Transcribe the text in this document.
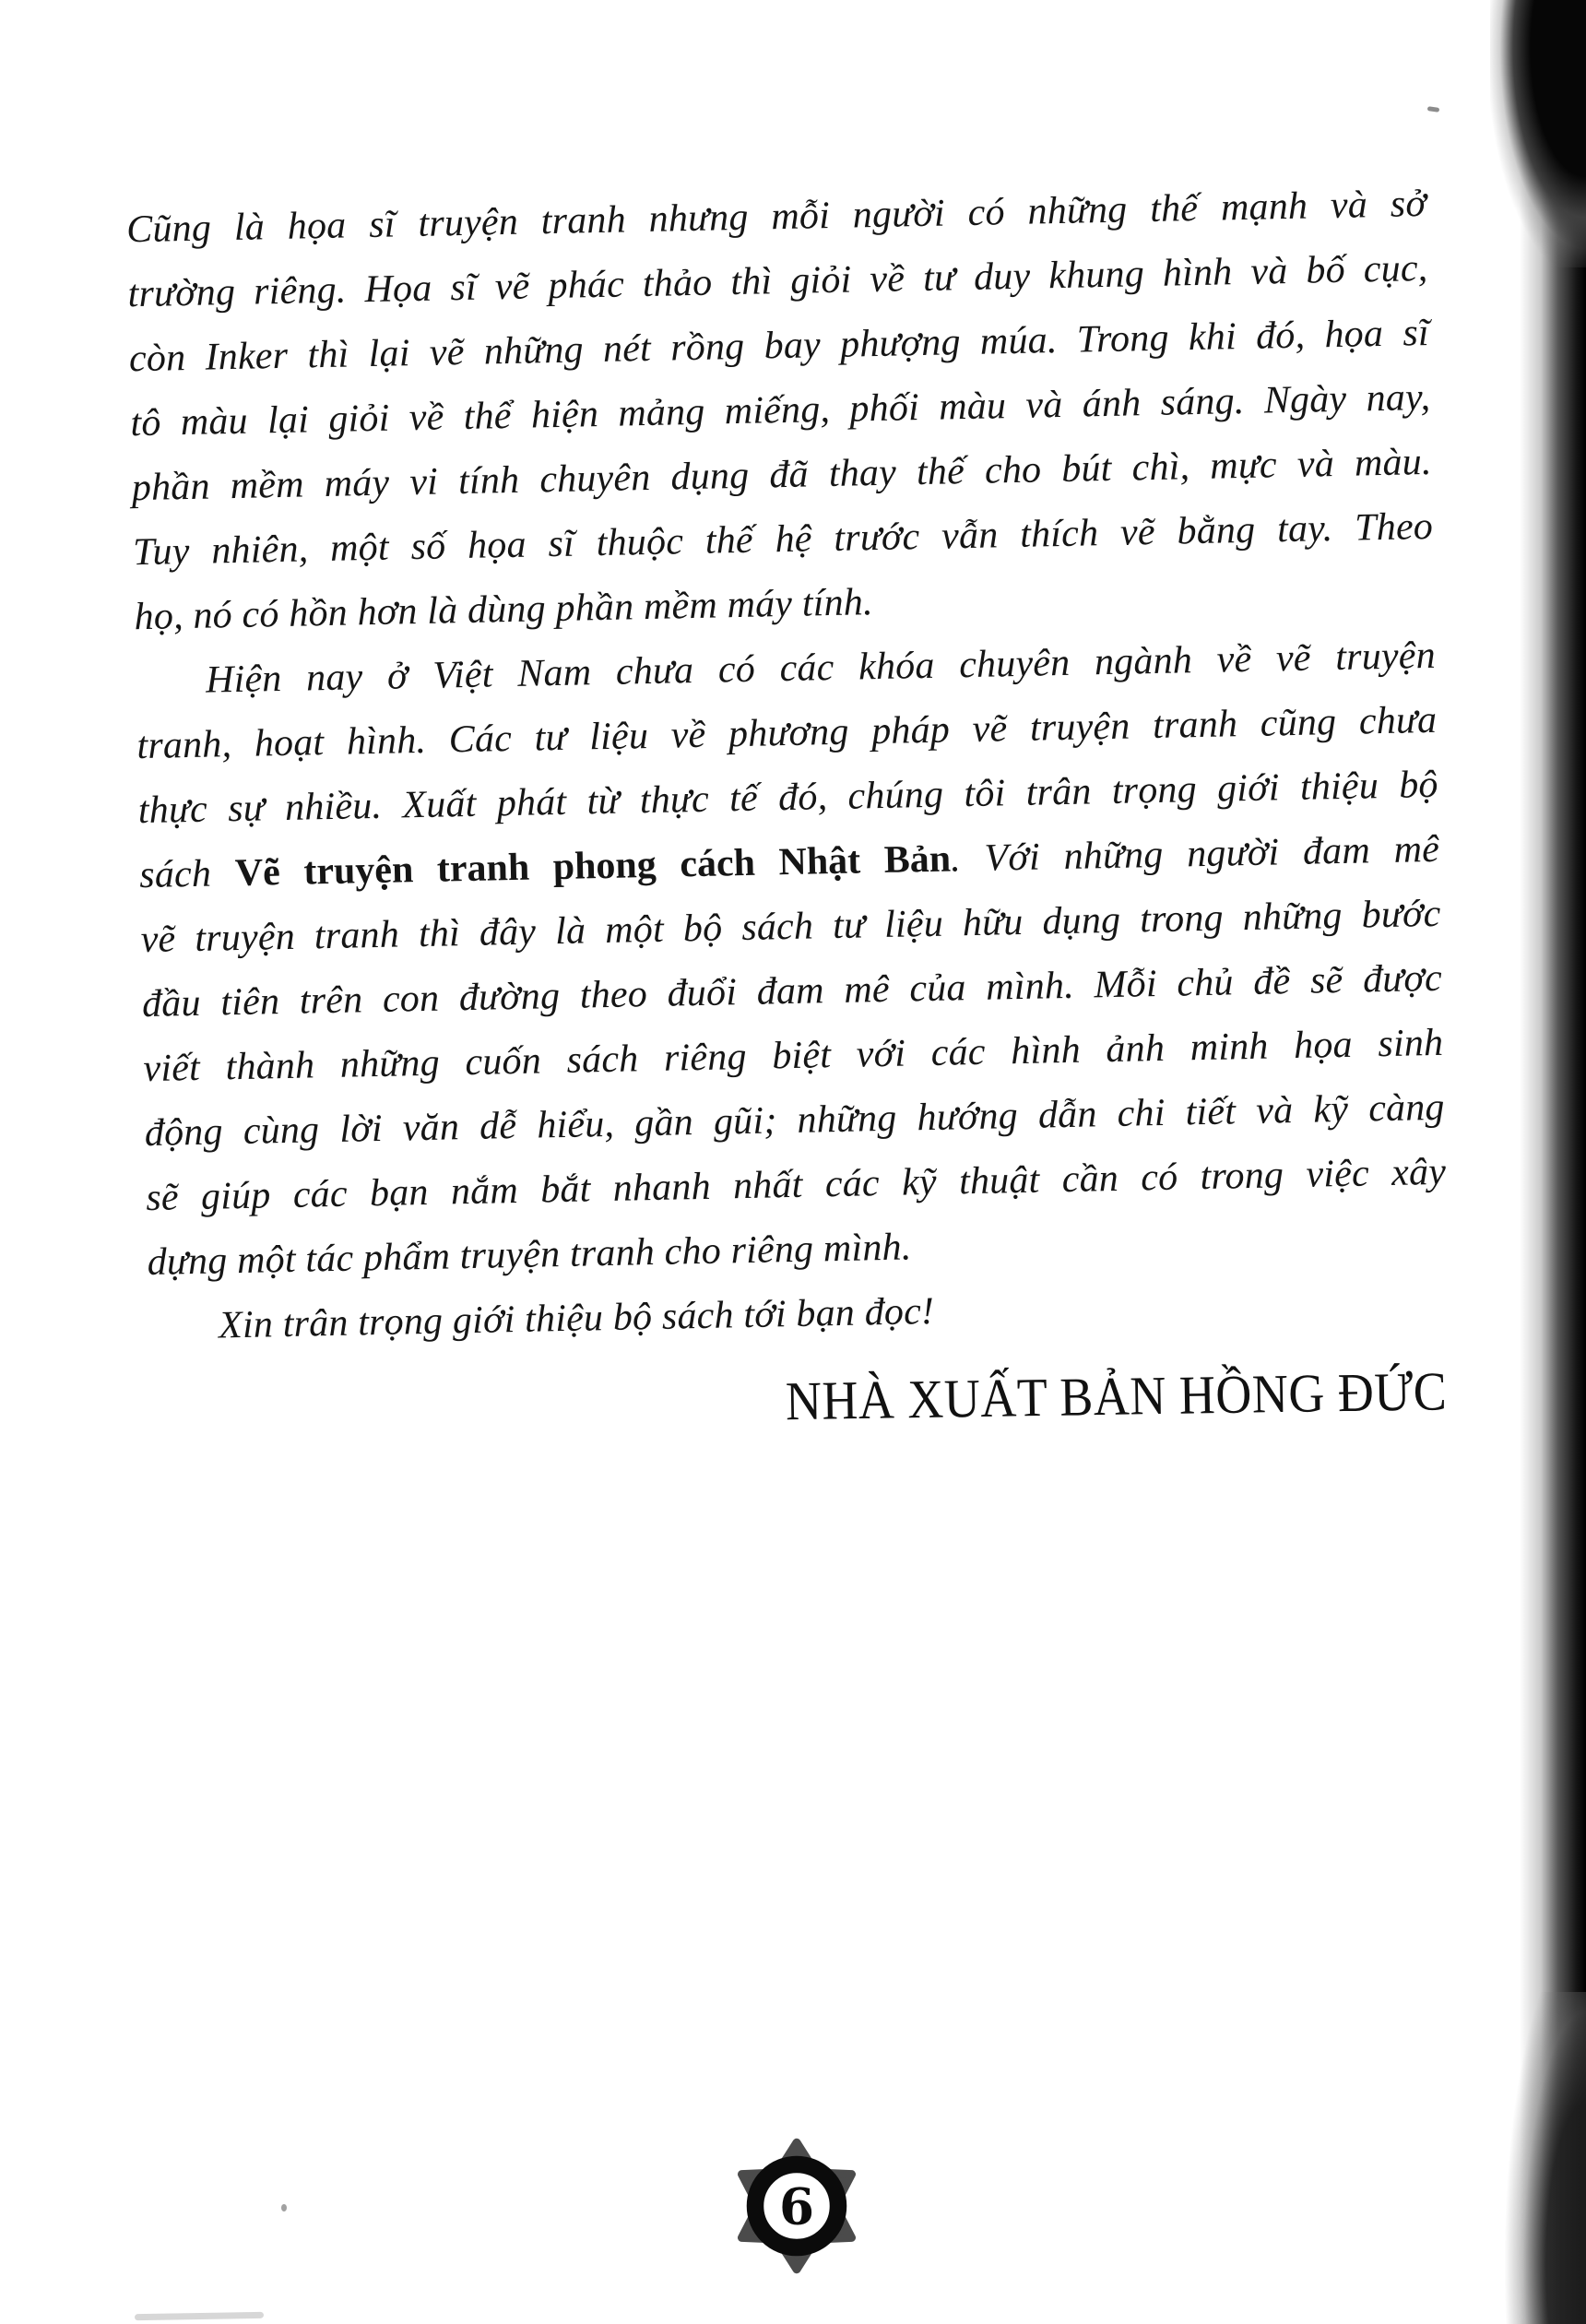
Cũng là họa sĩ truyện tranh nhưng mỗi người có những thế mạnh và sở
trường riêng. Họa sĩ vẽ phác thảo thì giỏi về tư duy khung hình và bố cục,
còn Inker thì lại vẽ những nét rồng bay phượng múa. Trong khi đó, họa sĩ
tô màu lại giỏi về thể hiện mảng miếng, phối màu và ánh sáng. Ngày nay,
phần mềm máy vi tính chuyên dụng đã thay thế cho bút chì, mực và màu.
Tuy nhiên, một số họa sĩ thuộc thế hệ trước vẫn thích vẽ bằng tay. Theo
họ, nó có hồn hơn là dùng phần mềm máy tính.
Hiện nay ở Việt Nam chưa có các khóa chuyên ngành về vẽ truyện
tranh, hoạt hình. Các tư liệu về phương pháp vẽ truyện tranh cũng chưa
thực sự nhiều. Xuất phát từ thực tế đó, chúng tôi trân trọng giới thiệu bộ
sách Vẽ truyện tranh phong cách Nhật Bản. Với những người đam mê
vẽ truyện tranh thì đây là một bộ sách tư liệu hữu dụng trong những bước
đầu tiên trên con đường theo đuổi đam mê của mình. Mỗi chủ đề sẽ được
viết thành những cuốn sách riêng biệt với các hình ảnh minh họa sinh
động cùng lời văn dễ hiểu, gần gũi; những hướng dẫn chi tiết và kỹ càng
sẽ giúp các bạn nắm bắt nhanh nhất các kỹ thuật cần có trong việc xây
dựng một tác phẩm truyện tranh cho riêng mình.
Xin trân trọng giới thiệu bộ sách tới bạn đọc!
NHÀ XUẤT BẢN HỒNG ĐỨC
6
